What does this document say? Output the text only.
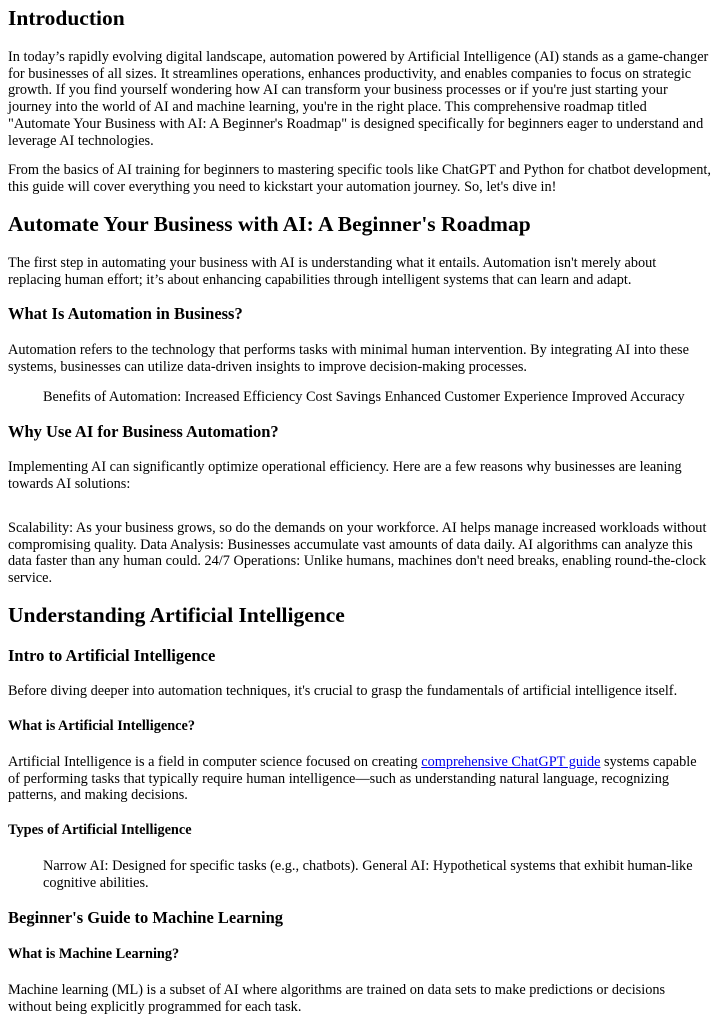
Introduction

In today’s rapidly evolving digital landscape, automation powered by Artificial Intelligence (AI) stands as a game-changer for businesses of all sizes. It streamlines operations, enhances productivity, and enables companies to focus on strategic growth. If you find yourself wondering how AI can transform your business processes or if you're just starting your journey into the world of AI and machine learning, you're in the right place. This comprehensive roadmap titled "Automate Your Business with AI: A Beginner's Roadmap" is designed specifically for beginners eager to understand and leverage AI technologies.

From the basics of AI training for beginners to mastering specific tools like ChatGPT and Python for chatbot development, this guide will cover everything you need to kickstart your automation journey. So, let's dive in!

Automate Your Business with AI: A Beginner's Roadmap

The first step in automating your business with AI is understanding what it entails. Automation isn't merely about replacing human effort; it’s about enhancing capabilities through intelligent systems that can learn and adapt.

What Is Automation in Business?

Automation refers to the technology that performs tasks with minimal human intervention. By integrating AI into these systems, businesses can utilize data-driven insights to improve decision-making processes.

Benefits of Automation: Increased Efficiency Cost Savings Enhanced Customer Experience Improved Accuracy

Why Use AI for Business Automation?

Implementing AI can significantly optimize operational efficiency. Here are a few reasons why businesses are leaning towards AI solutions:

Scalability: As your business grows, so do the demands on your workforce. AI helps manage increased workloads without compromising quality. Data Analysis: Businesses accumulate vast amounts of data daily. AI algorithms can analyze this data faster than any human could. 24/7 Operations: Unlike humans, machines don't need breaks, enabling round-the-clock service.

Understanding Artificial Intelligence
Intro to Artificial Intelligence

Before diving deeper into automation techniques, it's crucial to grasp the fundamentals of artificial intelligence itself.

What is Artificial Intelligence?

Artificial Intelligence is a field in computer science focused on creating comprehensive ChatGPT guide systems capable of performing tasks that typically require human intelligence—such as understanding natural language, recognizing patterns, and making decisions.

Types of Artificial Intelligence

Narrow AI: Designed for specific tasks (e.g., chatbots). General AI: Hypothetical systems that exhibit human-like cognitive abilities.

Beginner's Guide to Machine Learning
What is Machine Learning?

Machine learning (ML) is a subset of AI where algorithms are trained on data sets to make predictions or decisions without being explicitly programmed for each task.
